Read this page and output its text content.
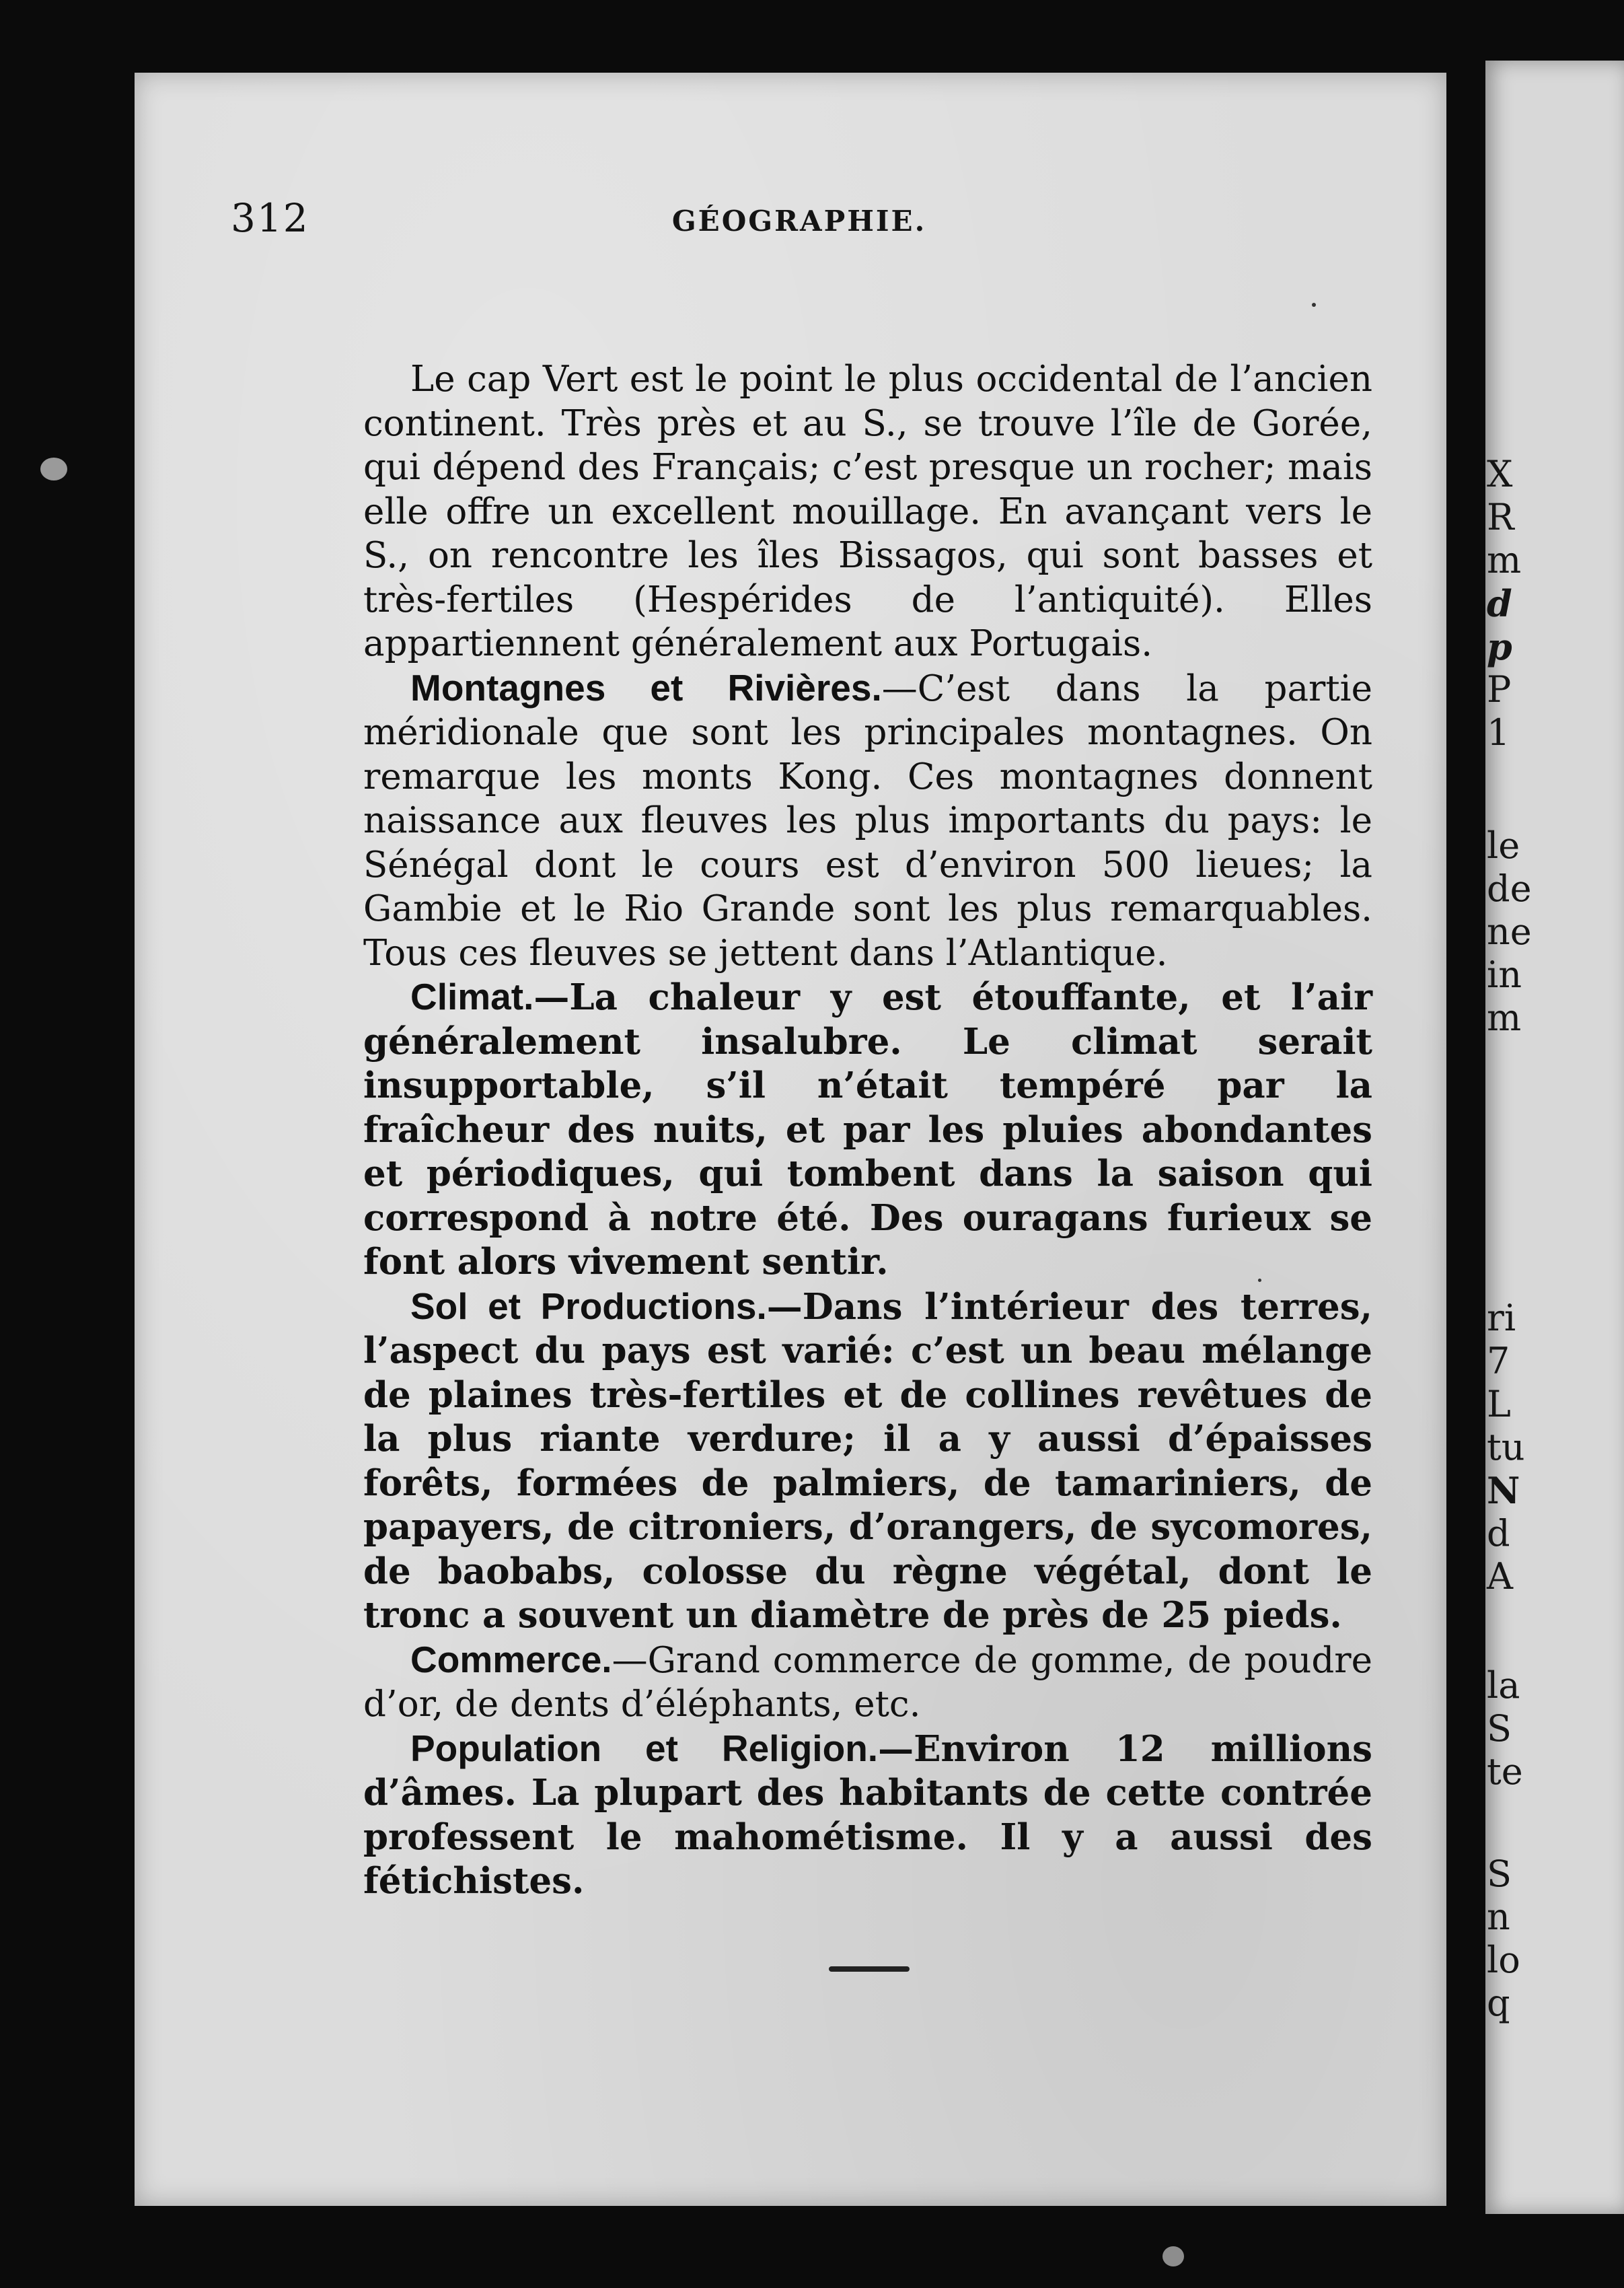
X
R
m
d
p
P
1
le
de
ne
in
m
ri
7
L
tu
N
d
A
la
S
te
S
n
lo
q
312	GÉOGRAPHIE.

Le cap Vert est le point le plus occidental de l’ancien continent. Très près et au S., se trouve l’île de Gorée, qui dépend des Français; c’est presque un rocher; mais elle offre un excellent mouillage. En avançant vers le S., on rencontre les îles Bissagos, qui sont basses et très-fertiles (Hespérides de l’antiquité). Elles appartiennent généralement aux Portugais.

Montagnes et Rivières.—C’est dans la partie méridionale que sont les principales montagnes. On remarque les monts Kong. Ces montagnes donnent naissance aux fleuves les plus importants du pays: le Sénégal dont le cours est d’environ 500 lieues; la Gambie et le Rio Grande sont les plus remarquables. Tous ces fleuves se jettent dans l’Atlantique.

Climat.—La chaleur y est étouffante, et l’air généralement insalubre. Le climat serait insupportable, s’il n’était tempéré par la fraîcheur des nuits, et par les pluies abondantes et périodiques, qui tombent dans la saison qui correspond à notre été. Des ouragans furieux se font alors vivement sentir.

Sol et Productions.—Dans l’intérieur des terres, l’aspect du pays est varié: c’est un beau mélange de plaines très-fertiles et de collines revêtues de la plus riante verdure; il a y aussi d’épaisses forêts, formées de palmiers, de tamariniers, de papayers, de citroniers, d’orangers, de sycomores, de baobabs, colosse du règne végétal, dont le tronc a souvent un diamètre de près de 25 pieds.

Commerce.—Grand commerce de gomme, de poudre d’or, de dents d’éléphants, etc.

Population et Religion.—Environ 12 millions d’âmes. La plupart des habitants de cette contrée professent le mahométisme. Il y a aussi des fétichistes.
